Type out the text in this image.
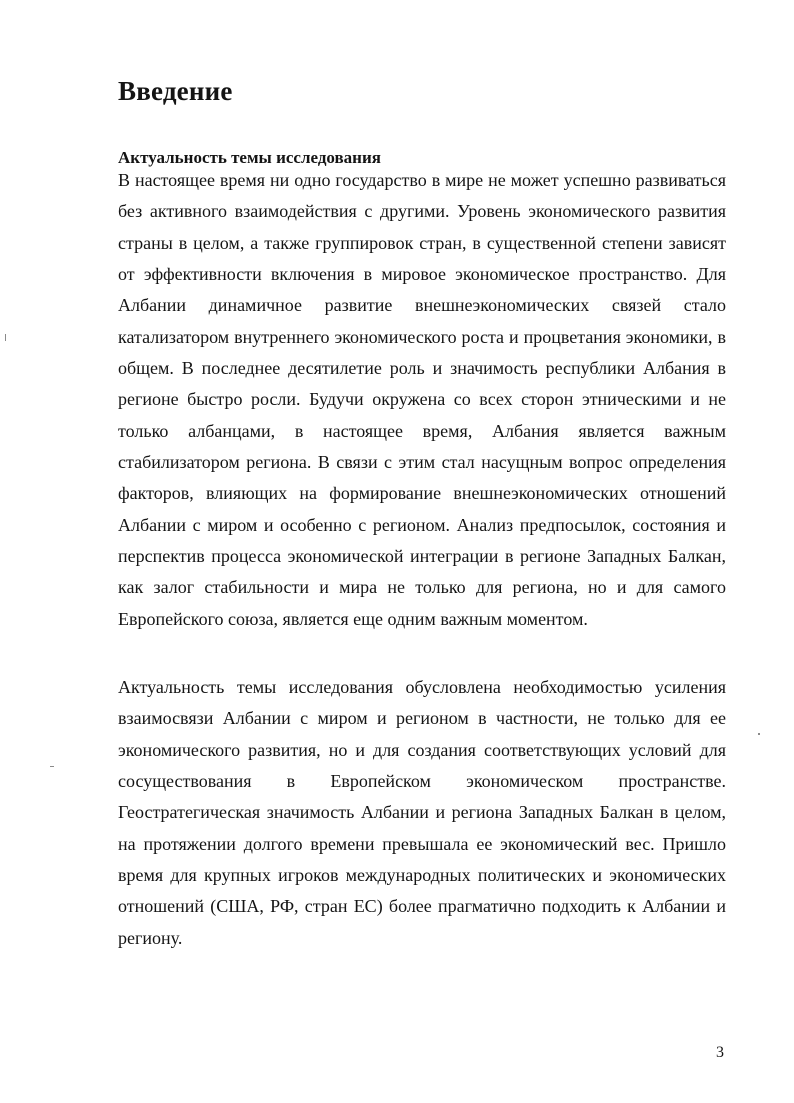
Введение
Актуальность темы исследования

В настоящее время ни одно государство в мире не может успешно развиваться без активного взаимодействия с другими. Уровень экономического развития страны в целом, а также группировок стран, в существенной степени зависят от эффективности включения в мировое экономическое пространство. Для Албании динамичное развитие внешнеэкономических связей стало катализатором внутреннего экономического роста и процветания экономики, в общем. В последнее десятилетие роль и значимость республики Албания в регионе быстро росли. Будучи окружена со всех сторон этническими и не только албанцами, в настоящее время, Албания является важным стабилизатором региона. В связи с этим стал насущным вопрос определения факторов, влияющих на формирование внешнеэкономических отношений Албании с миром и особенно с регионом. Анализ предпосылок, состояния и перспектив процесса экономической интеграции в регионе Западных Балкан, как залог стабильности и мира не только для региона, но и для самого Европейского союза, является еще одним важным моментом.

Актуальность темы исследования обусловлена необходимостью усиления взаимосвязи Албании с миром и регионом в частности, не только для ее экономического развития, но и для создания соответствующих условий для сосуществования в Европейском экономическом пространстве. Геостратегическая значимость Албании и региона Западных Балкан в целом, на протяжении долгого времени превышала ее экономический вес. Пришло время для крупных игроков международных политических и экономических отношений (США, РФ, стран ЕС) более прагматично подходить к Албании и региону.

3
